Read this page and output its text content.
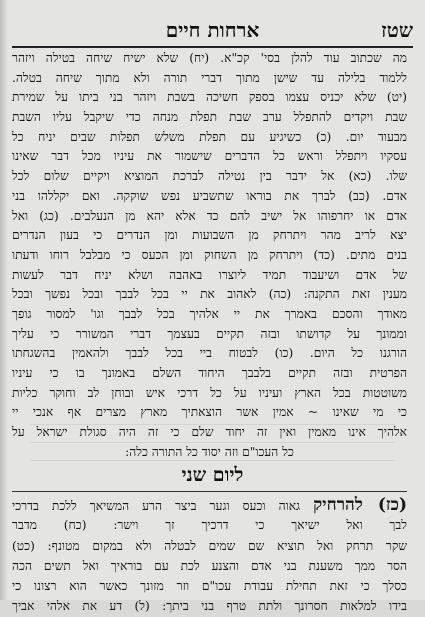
שטז
ארחות חיים
מה שכתוב עוד להלן בסי' קכ"א. (יח) שלא ישיח שיחה בטילה ויזהר
ללמוד בלילה עד שישן מתוך דברי תורה ולא מתוך שיחה בטלה.
(יט) שלא יכניס עצמו בספק חשיכה בשבת ויזהר בני ביתו על שמירת
שבת ויקדים להתפלל ערב שבת תפלת מנחה כדי שיקבל עליו השבת
מבעוד יום. (כ) כשיגיע עם תפלת משלש תפלות שבים יניח כל
עסקיו ויתפלל וראש כל הדברים שישמור את עיניו מכל דבר שאינו
שלו. (כא) אל ידבר בין נטילה לברכת המוציא ויקיים שלום לכל
אדם. (כב) לברך את בוראו שתשביע נפש שוקקה. ואם יקללהו בני
אדם או יחרפוהו אל ישיב להם כד אלא יהא מן הנעלבים. (כג) ואל
יצא לריב מהר ויתרחק מן השבועות ומן הנדרים כי בעון הנדרים
בנים מתים. (כד) ויתרחק מן השחוק ומן הכעס כי מבלבל רוחו ודעתו
של אדם ושיעבוד תמיד ליוצרו באהבה ושלא יניח דבר לעשות
מענין זאת התקנה: (כה) לאהוב את יי בכל לבבך ובכל נפשך ובכל
מאודך והסכם באמרך את יי אלהיך בכל לבבך וגו' למסור גופך
וממונך על קדושתו ובזה תקיים בעצמך דברי המשורר כי עליך
הורגנו כל היום. (כו) לבטוח ביי בכל לבבך ולהאמין בהשגחתו
הפרטית ובזה תקיים בלבבך היחוד השלם באמונך בו כי עיניו
משוטטות בכל הארץ ועיניו על כל דרכי איש ובוחן לב וחוקר כליות
כי מי שאינו ~ אמין אשר הוצאתיך מארץ מצרים אף אנכי יי
אלהיך אינו מאמין ואין זה יחוד שלם כי זה היה סגולת ישראל על
כל העכו"ם וזה יסוד כל התורה כלה:
ליום שני
(כז) להרחיק גאוה וכעס וגער ביצר הרע המשיאך ללכת בדרכי
לבך ואל ישיאך כי דרכיך זך וישר: (כח) מדבר
שקר תרחק ואל תוציא שם שמים לבטלה ולא במקום מטונף: (כט)
הסר ממך משענת בני אדם והצנע לכת עם בוראיך ואל תשים הכה
כסלך כי זאת תחילת עבודת עכו"ם וזר מזונך כאשר הוא רצונו כי
בידו למלאות חסרונך ולתת טרף בני ביתך: (ל) דע את אלהי אביך
